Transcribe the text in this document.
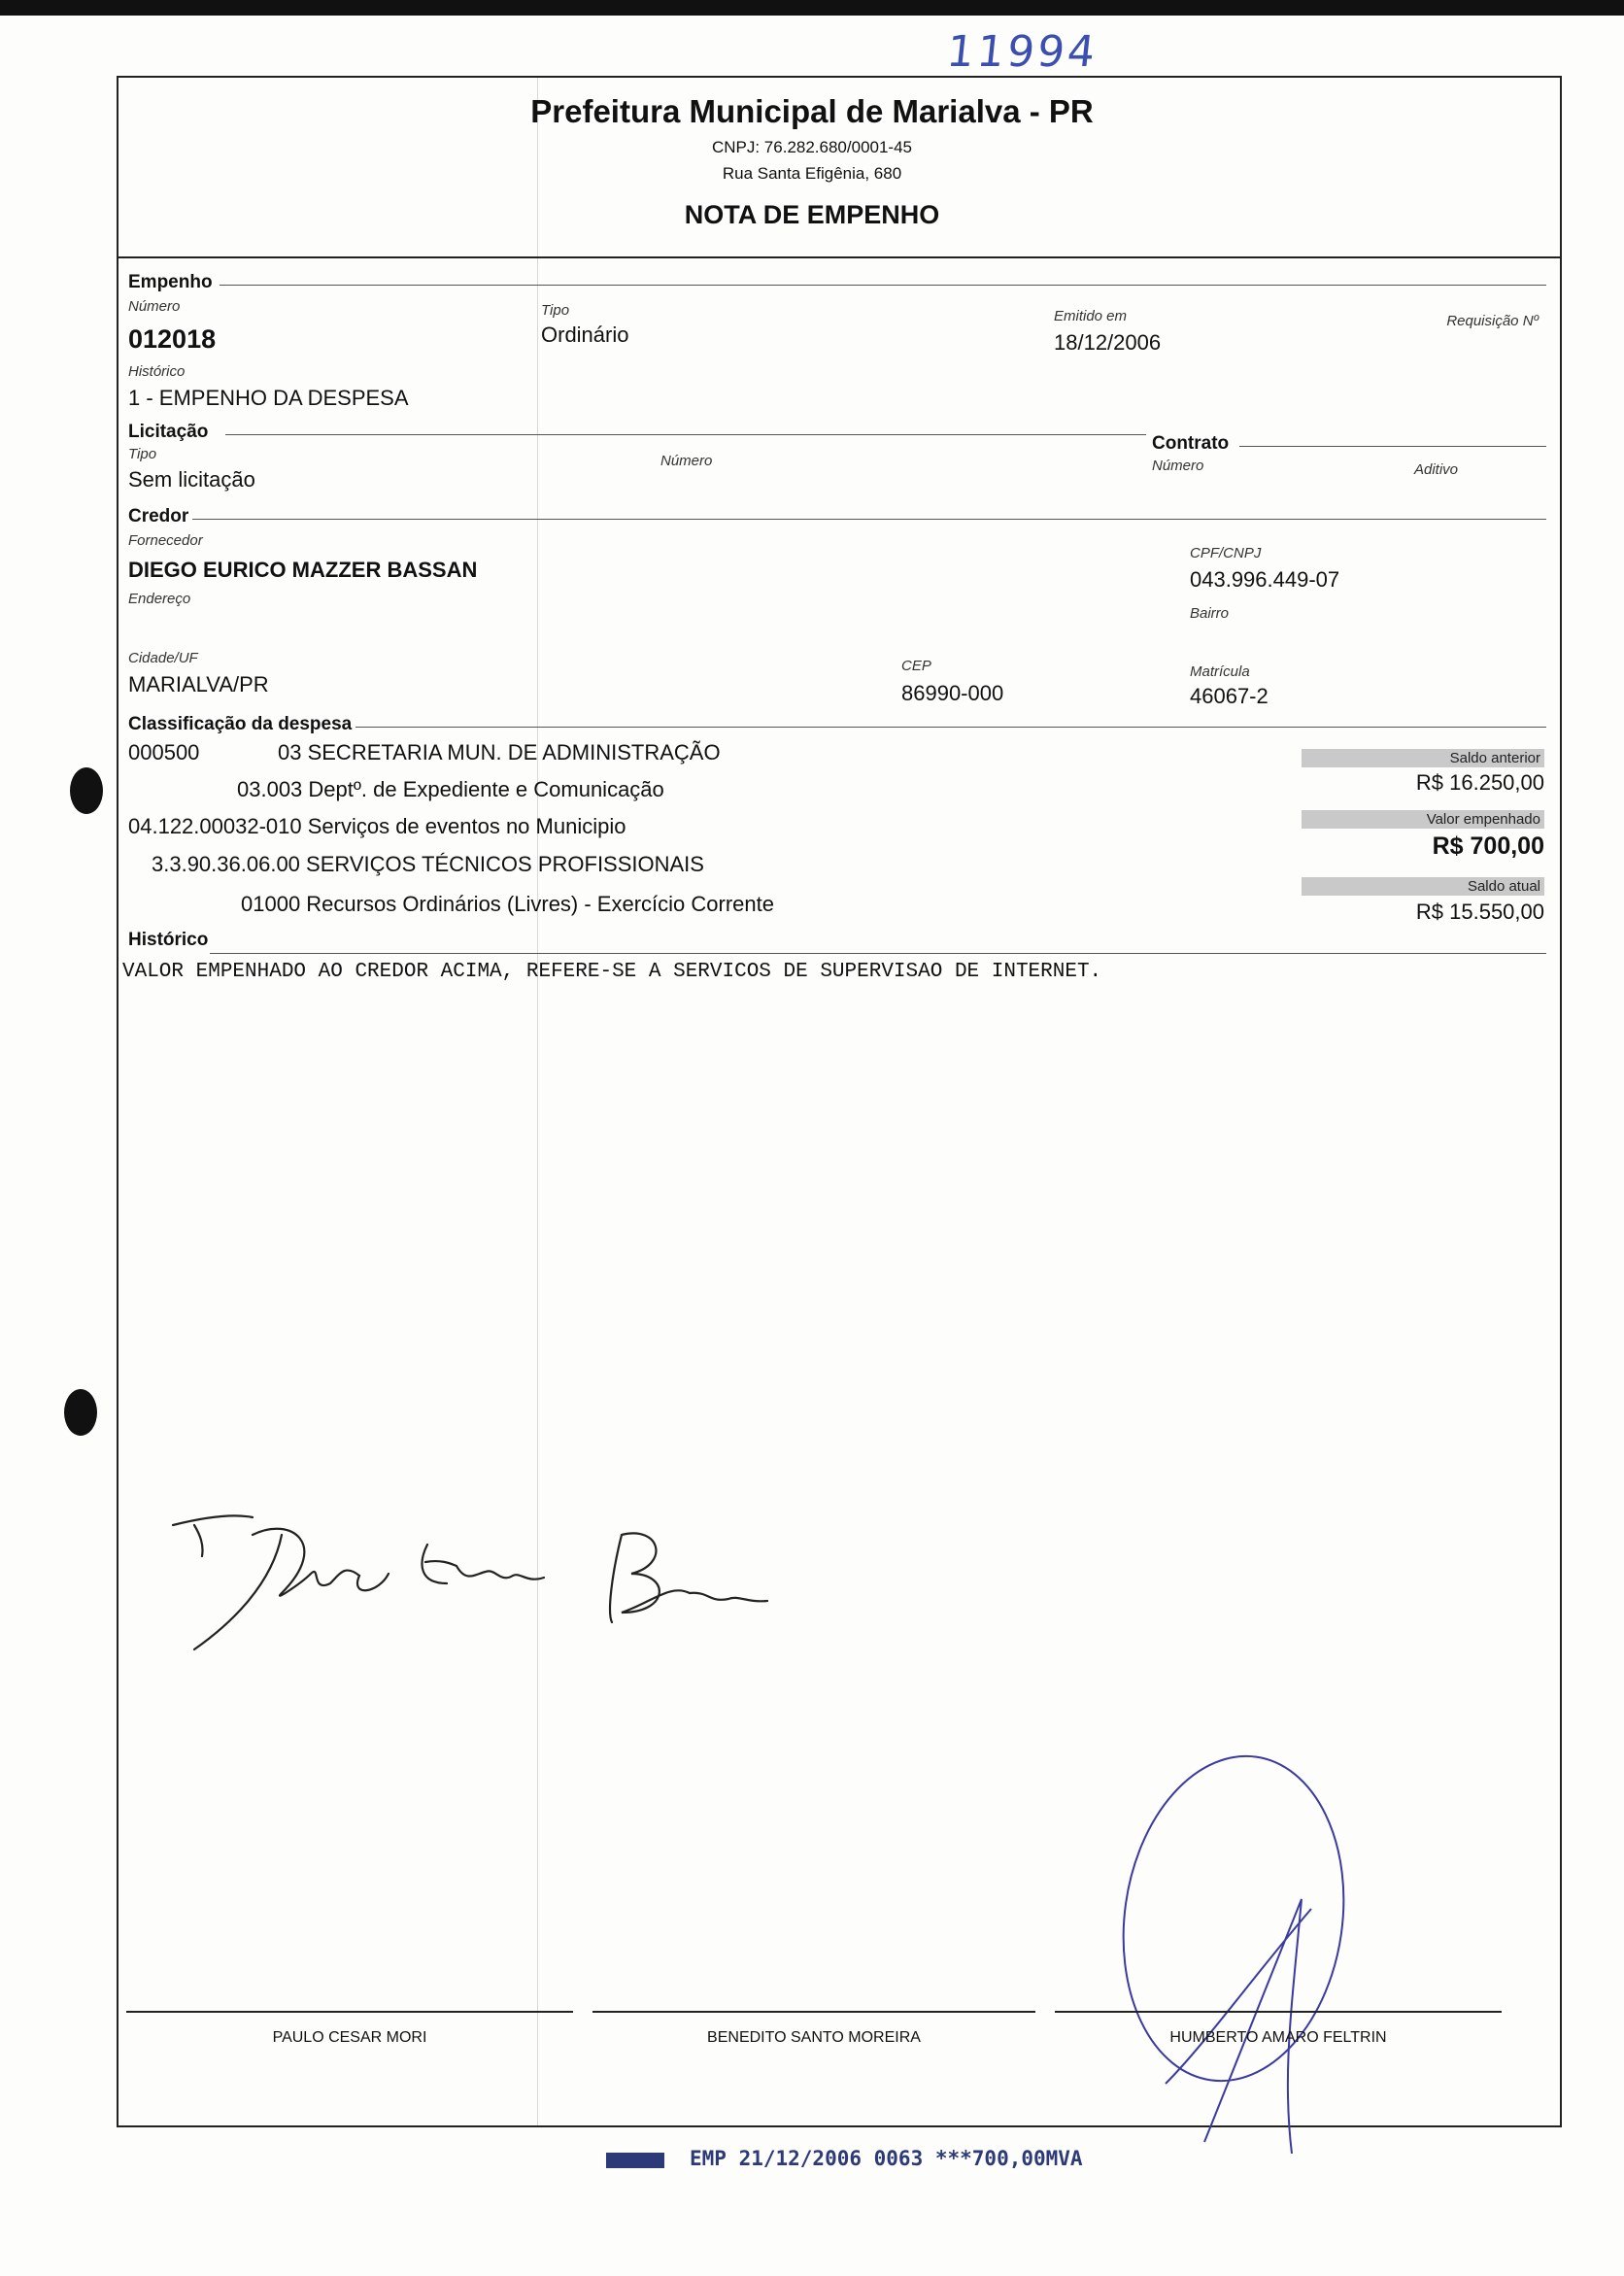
11994
Prefeitura Municipal de Marialva - PR
CNPJ: 76.282.680/0001-45
Rua Santa Efigênia, 680
NOTA DE EMPENHO
Empenho
Número
012018
Tipo
Ordinário
Emitido em
18/12/2006
Requisição Nº
Histórico
1 - EMPENHO DA DESPESA
Licitação
Tipo
Sem licitação
Número
Contrato
Número	Aditivo
Credor
Fornecedor
DIEGO EURICO MAZZER BASSAN
CPF/CNPJ
043.996.449-07
Endereço
Bairro
Cidade/UF
MARIALVA/PR
CEP
86990-000
Matrícula
46067-2
Classificação da despesa
000500	03 SECRETARIA MUN. DE ADMINISTRAÇÃO
03.003 Deptº. de Expediente e Comunicação
04.122.00032-010 Serviços de eventos no Municipio
3.3.90.36.06.00 SERVIÇOS TÉCNICOS PROFISSIONAIS
01000 Recursos Ordinários (Livres) - Exercício Corrente
Saldo anterior
R$ 16.250,00
Valor empenhado
R$ 700,00
Saldo atual
R$ 15.550,00
Histórico
VALOR EMPENHADO AO CREDOR ACIMA, REFERE-SE A SERVICOS DE SUPERVISAO DE INTERNET.
PAULO CESAR MORI	BENEDITO SANTO MOREIRA	HUMBERTO AMARO FELTRIN
EMP 21/12/2006 0063 ***700,00MVA
